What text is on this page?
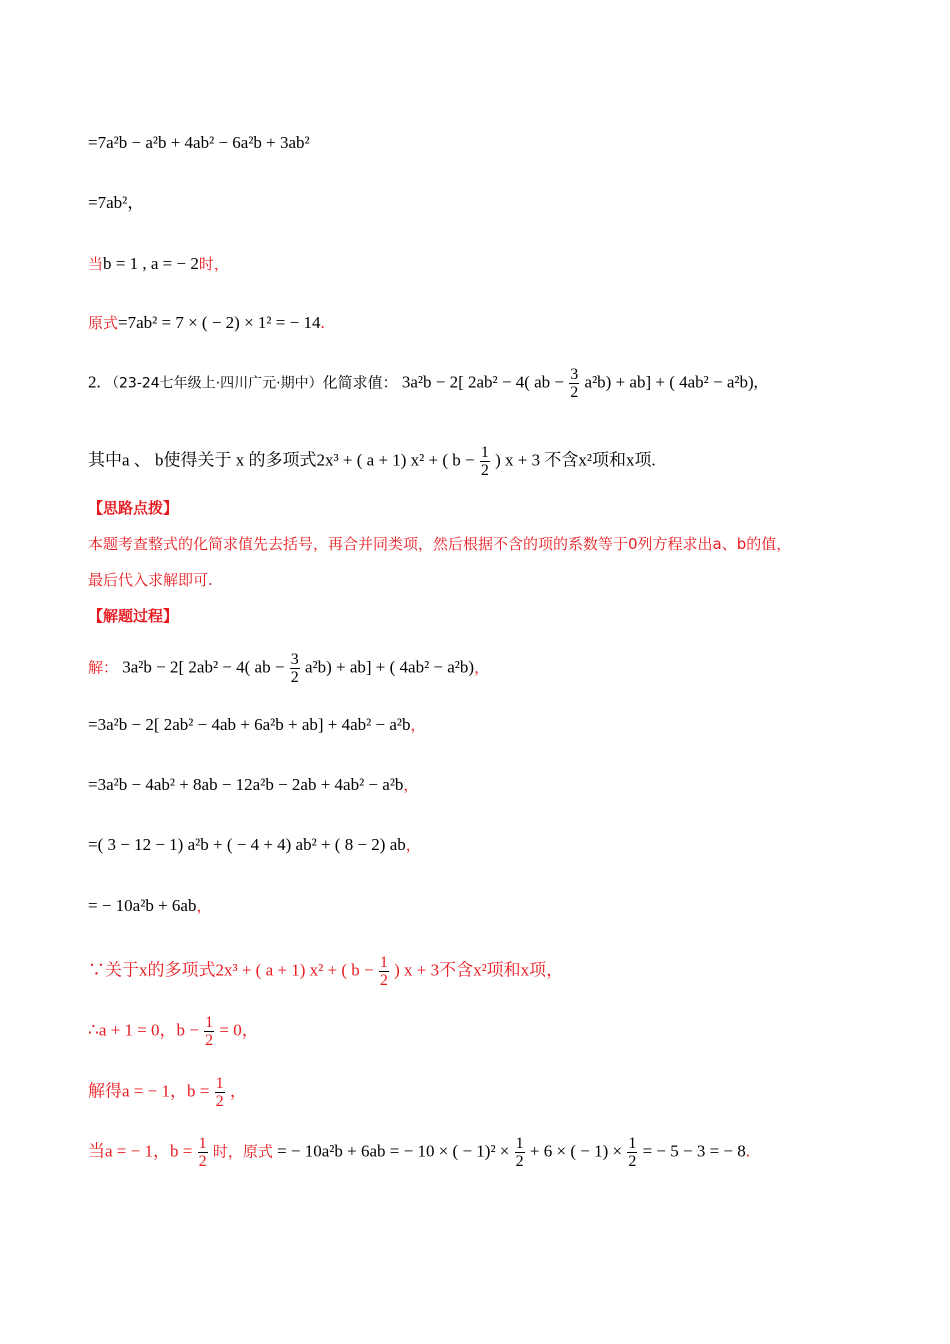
=7a²b − a²b + 4ab² − 6a²b + 3ab²
=7ab²，
当b = 1 , a = − 2时，
原式=7ab² = 7 × ( − 2) × 1² = − 14.
2. （23-24七年级上·四川广元·期中）化简求值： 3a²b − 2[ 2ab² − 4( ab − $\frac{3}{2} a^2b) + ab$] + ( 4ab² − a²b),
其中a 、 b使得关于 x 的多项式2x³ + ( a + 1) x² + ( $b - \frac{1}{2}$ ) x + 3 不含x²项和x项.
【思路点拨】
本题考查整式的化简求值先去括号，再合并同类项，然后根据不含的项的系数等于0列方程求出a、b的值，
最后代入求解即可.
【解题过程】
解： 3a²b − 2[ 2ab² − 4( ab − $\frac{3}{2} a^2b) + ab$] + ( 4ab² − a²b)，
=3a²b − 2[ 2ab² − 4ab + 6a²b + ab] + 4ab² − a²b，
=3a²b − 4ab² + 8ab − 12a²b − 2ab + 4ab² − a²b，
=( 3 − 12 − 1) a²b + ( − 4 + 4) ab² + ( 8 − 2) ab，
= − 10a²b + 6ab，
∵关于x的多项式2x³ + ( a + 1) x² + ( $b - \frac{1}{2}$ ) x + 3不含x²项和x项，
∴a + 1 = 0，$b - \frac{1}{2} = 0$，
解得a = − 1，$b = \frac{1}{2}$ ，
当a = − 1，$b = \frac{1}{2}$ 时，原式 = − 10a²b + 6ab = − 10 × ( − $1)^2 \times \frac{1}{2} + 6$ × ( − $1) \times \frac{1}{2}$ = − 5 − 3 = − 8.
